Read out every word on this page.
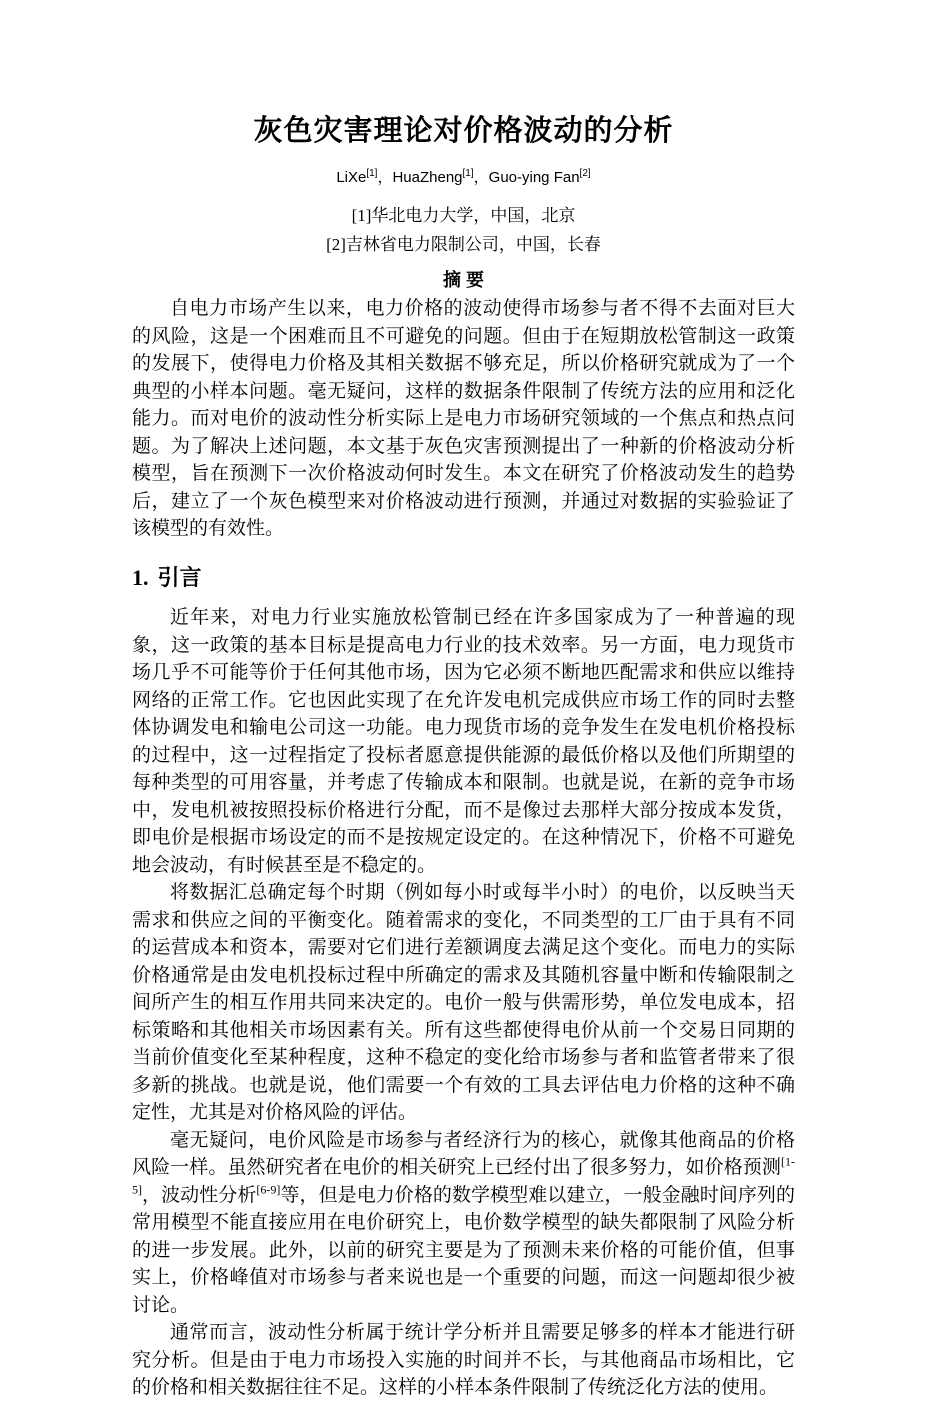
灰色灾害理论对价格波动的分析
LiXe[1]，HuaZheng[1]，Guo-ying Fan[2]
[1]华北电力大学，中国，北京
[2]吉林省电力限制公司，中国，长春
摘 要

自电力市场产生以来，电力价格的波动使得市场参与者不得不去面对巨大的风险，这是一个困难而且不可避免的问题。但由于在短期放松管制这一政策的发展下，使得电力价格及其相关数据不够充足，所以价格研究就成为了一个典型的小样本问题。毫无疑问，这样的数据条件限制了传统方法的应用和泛化能力。而对电价的波动性分析实际上是电力市场研究领域的一个焦点和热点问题。为了解决上述问题，本文基于灰色灾害预测提出了一种新的价格波动分析模型，旨在预测下一次价格波动何时发生。本文在研究了价格波动发生的趋势后，建立了一个灰色模型来对价格波动进行预测，并通过对数据的实验验证了该模型的有效性。

1. 引言

近年来，对电力行业实施放松管制已经在许多国家成为了一种普遍的现象，这一政策的基本目标是提高电力行业的技术效率。另一方面，电力现货市场几乎不可能等价于任何其他市场，因为它必须不断地匹配需求和供应以维持网络的正常工作。它也因此实现了在允许发电机完成供应市场工作的同时去整体协调发电和输电公司这一功能。电力现货市场的竞争发生在发电机价格投标的过程中，这一过程指定了投标者愿意提供能源的最低价格以及他们所期望的每种类型的可用容量，并考虑了传输成本和限制。也就是说，在新的竞争市场中，发电机被按照投标价格进行分配，而不是像过去那样大部分按成本发货，即电价是根据市场设定的而不是按规定设定的。在这种情况下，价格不可避免地会波动，有时候甚至是不稳定的。

将数据汇总确定每个时期（例如每小时或每半小时）的电价，以反映当天需求和供应之间的平衡变化。随着需求的变化，不同类型的工厂由于具有不同的运营成本和资本，需要对它们进行差额调度去满足这个变化。而电力的实际价格通常是由发电机投标过程中所确定的需求及其随机容量中断和传输限制之间所产生的相互作用共同来决定的。电价一般与供需形势，单位发电成本，招标策略和其他相关市场因素有关。所有这些都使得电价从前一个交易日同期的当前价值变化至某种程度，这种不稳定的变化给市场参与者和监管者带来了很多新的挑战。也就是说，他们需要一个有效的工具去评估电力价格的这种不确定性，尤其是对价格风险的评估。

毫无疑问，电价风险是市场参与者经济行为的核心，就像其他商品的价格风险一样。虽然研究者在电价的相关研究上已经付出了很多努力，如价格预测[1-5]，波动性分析[6-9]等，但是电力价格的数学模型难以建立，一般金融时间序列的常用模型不能直接应用在电价研究上，电价数学模型的缺失都限制了风险分析的进一步发展。此外，以前的研究主要是为了预测未来价格的可能价值，但事实上，价格峰值对市场参与者来说也是一个重要的问题，而这一问题却很少被讨论。

通常而言，波动性分析属于统计学分析并且需要足够多的样本才能进行研究分析。但是由于电力市场投入实施的时间并不长，与其他商品市场相比，它的价格和相关数据往往不足。这样的小样本条件限制了传统泛化方法的使用。
